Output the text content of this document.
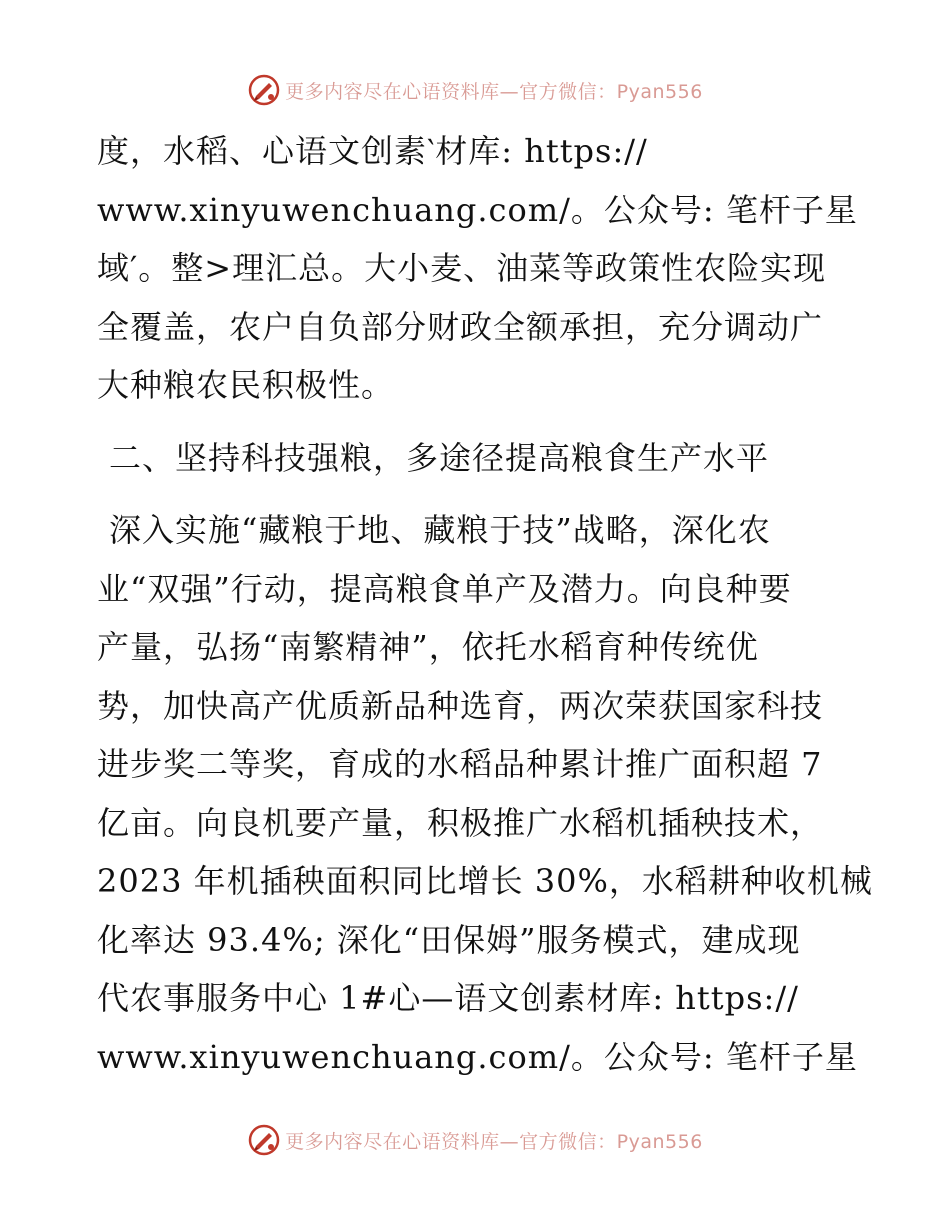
更多内容尽在心语资料库—官方微信：Pyan556
度，水稻、心语文创素‵材库: https://
www.xinyuwenchuang.com/。公众号: 笔杆子星
域′。整>理汇总。大小麦、油菜等政策性农险实现
全覆盖，农户自负部分财政全额承担，充分调动广
大种粮农民积极性。
二、坚持科技强粮，多途径提高粮食生产水平
深入实施“藏粮于地、藏粮于技”战略，深化农
业“双强”行动，提高粮食单产及潜力。向良种要
产量，弘扬“南繁精神”，依托水稻育种传统优
势，加快高产优质新品种选育，两次荣获国家科技
进步奖二等奖，育成的水稻品种累计推广面积超 7
亿亩。向良机要产量，积极推广水稻机插秧技术，
2023 年机插秧面积同比增长 30%，水稻耕种收机械
化率达 93.4%; 深化“田保姆”服务模式，建成现
代农事服务中心 1#心—语文创素材库: https://
www.xinyuwenchuang.com/。公众号: 笔杆子星
更多内容尽在心语资料库—官方微信：Pyan556
